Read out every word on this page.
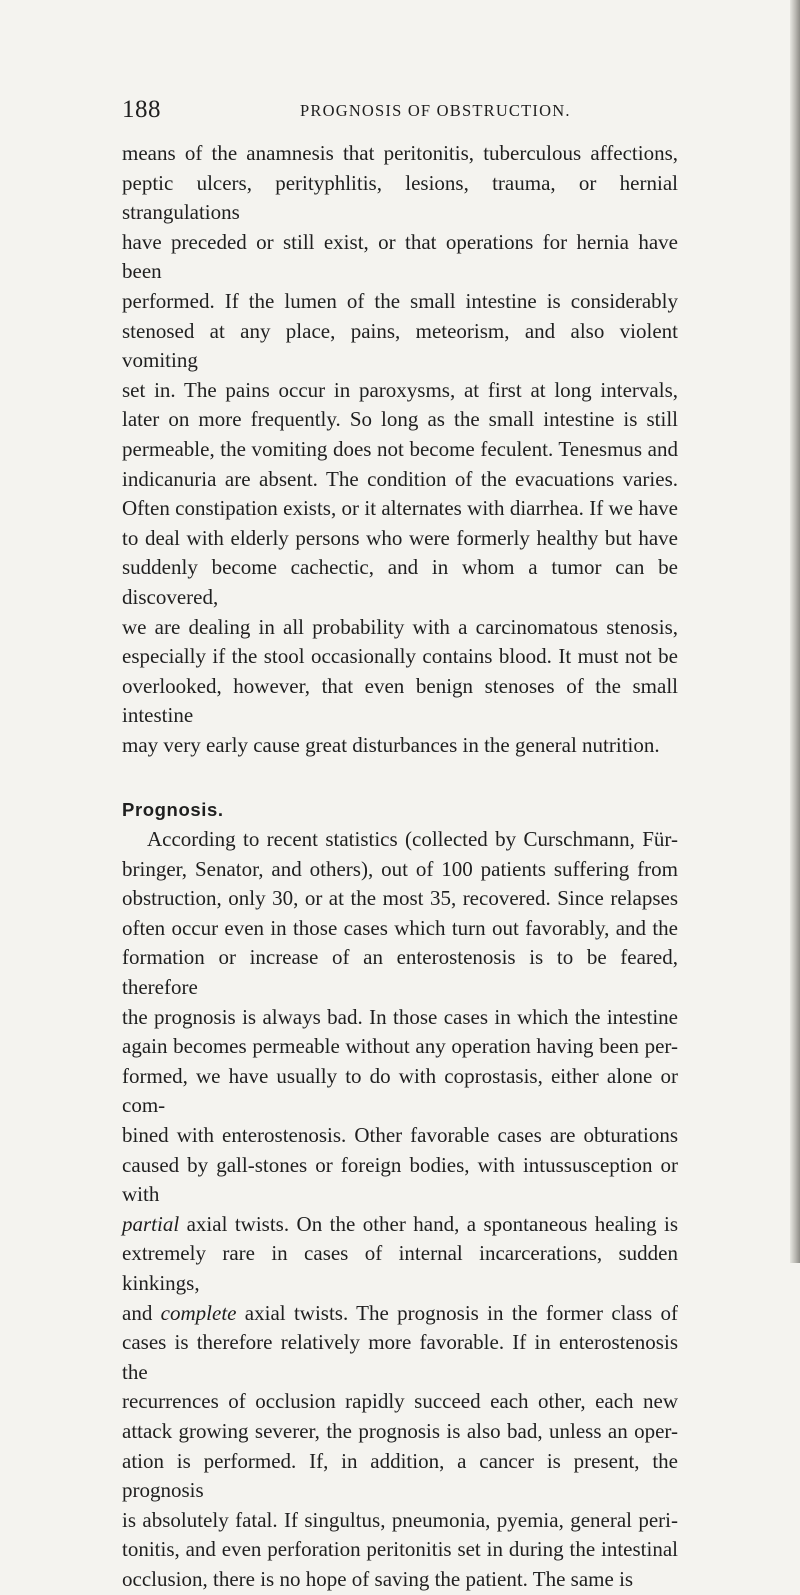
188	PROGNOSIS OF OBSTRUCTION.

means of the anamnesis that peritonitis, tuberculous affections,
peptic ulcers, perityphlitis, lesions, trauma, or hernial strangulations
have preceded or still exist, or that operations for hernia have been
performed. If the lumen of the small intestine is considerably
stenosed at any place, pains, meteorism, and also violent vomiting
set in. The pains occur in paroxysms, at first at long intervals,
later on more frequently. So long as the small intestine is still
permeable, the vomiting does not become feculent. Tenesmus and
indicanuria are absent. The condition of the evacuations varies.
Often constipation exists, or it alternates with diarrhea. If we have
to deal with elderly persons who were formerly healthy but have
suddenly become cachectic, and in whom a tumor can be discovered,
we are dealing in all probability with a carcinomatous stenosis,
especially if the stool occasionally contains blood. It must not be
overlooked, however, that even benign stenoses of the small intestine
may very early cause great disturbances in the general nutrition.

Prognosis.

According to recent statistics (collected by Curschmann, Für-
bringer, Senator, and others), out of 100 patients suffering from
obstruction, only 30, or at the most 35, recovered. Since relapses
often occur even in those cases which turn out favorably, and the
formation or increase of an enterostenosis is to be feared, therefore
the prognosis is always bad. In those cases in which the intestine
again becomes permeable without any operation having been per-
formed, we have usually to do with coprostasis, either alone or com-
bined with enterostenosis. Other favorable cases are obturations
caused by gall-stones or foreign bodies, with intussusception or with
partial axial twists. On the other hand, a spontaneous healing is
extremely rare in cases of internal incarcerations, sudden kinkings,
and complete axial twists. The prognosis in the former class of
cases is therefore relatively more favorable. If in enterostenosis the
recurrences of occlusion rapidly succeed each other, each new
attack growing severer, the prognosis is also bad, unless an oper-
ation is performed. If, in addition, a cancer is present, the prognosis
is absolutely fatal. If singultus, pneumonia, pyemia, general peri-
tonitis, and even perforation peritonitis set in during the intestinal
occlusion, there is no hope of saving the patient. The same is
